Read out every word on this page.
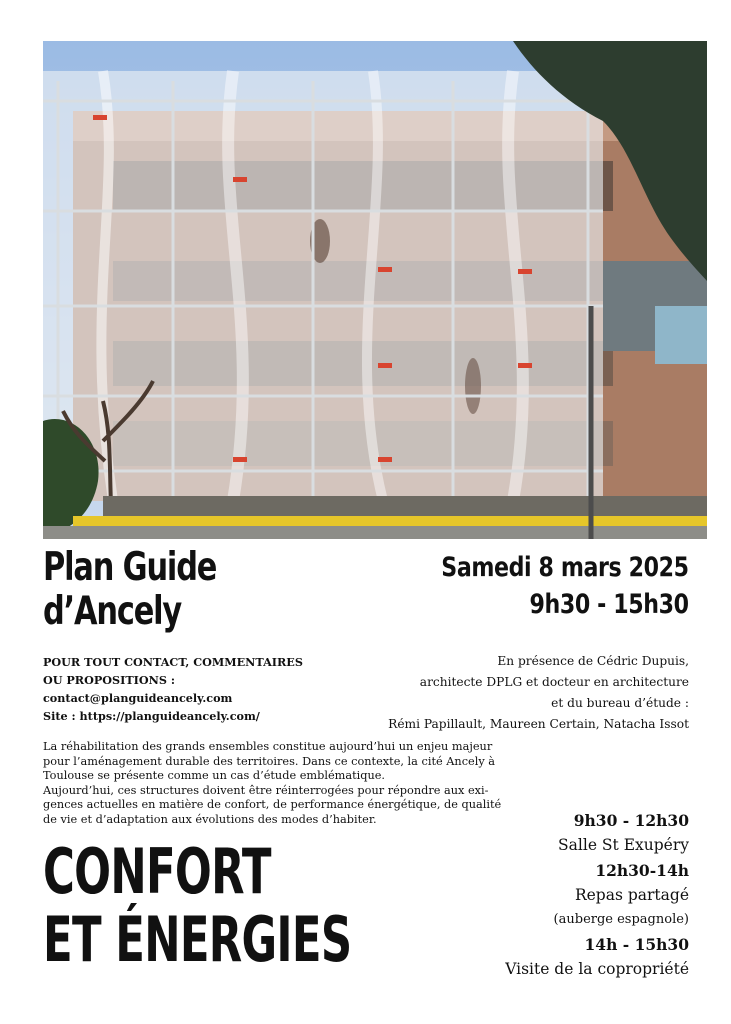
Plan Guide
d’Ancely
Samedi 8 mars 2025
9h30 - 15h30
POUR TOUT CONTACT, COMMENTAIRES
OU PROPOSITIONS :
contact@planguideancely.com
Site : https://planguideancely.com/
En présence de Cédric Dupuis,
architecte DPLG et docteur en architecture
et du bureau d’étude :
Rémi Papillault, Maureen Certain, Natacha Issot
La réhabilitation des grands ensembles constitue aujourd’hui un enjeu majeur
pour l’aménagement durable des territoires. Dans ce contexte, la cité Ancely à
Toulouse se présente comme un cas d’étude emblématique.
Aujourd’hui, ces structures doivent être réinterrogées pour répondre aux exi-
gences actuelles en matière de confort, de performance énergétique, de qualité
de vie et d’adaptation aux évolutions des modes d’habiter.
CONFORT
ET ÉNERGIES
9h30 - 12h30
Salle St Exupéry
12h30-14h
Repas partagé
(auberge espagnole)
14h - 15h30
Visite de la copropriété
